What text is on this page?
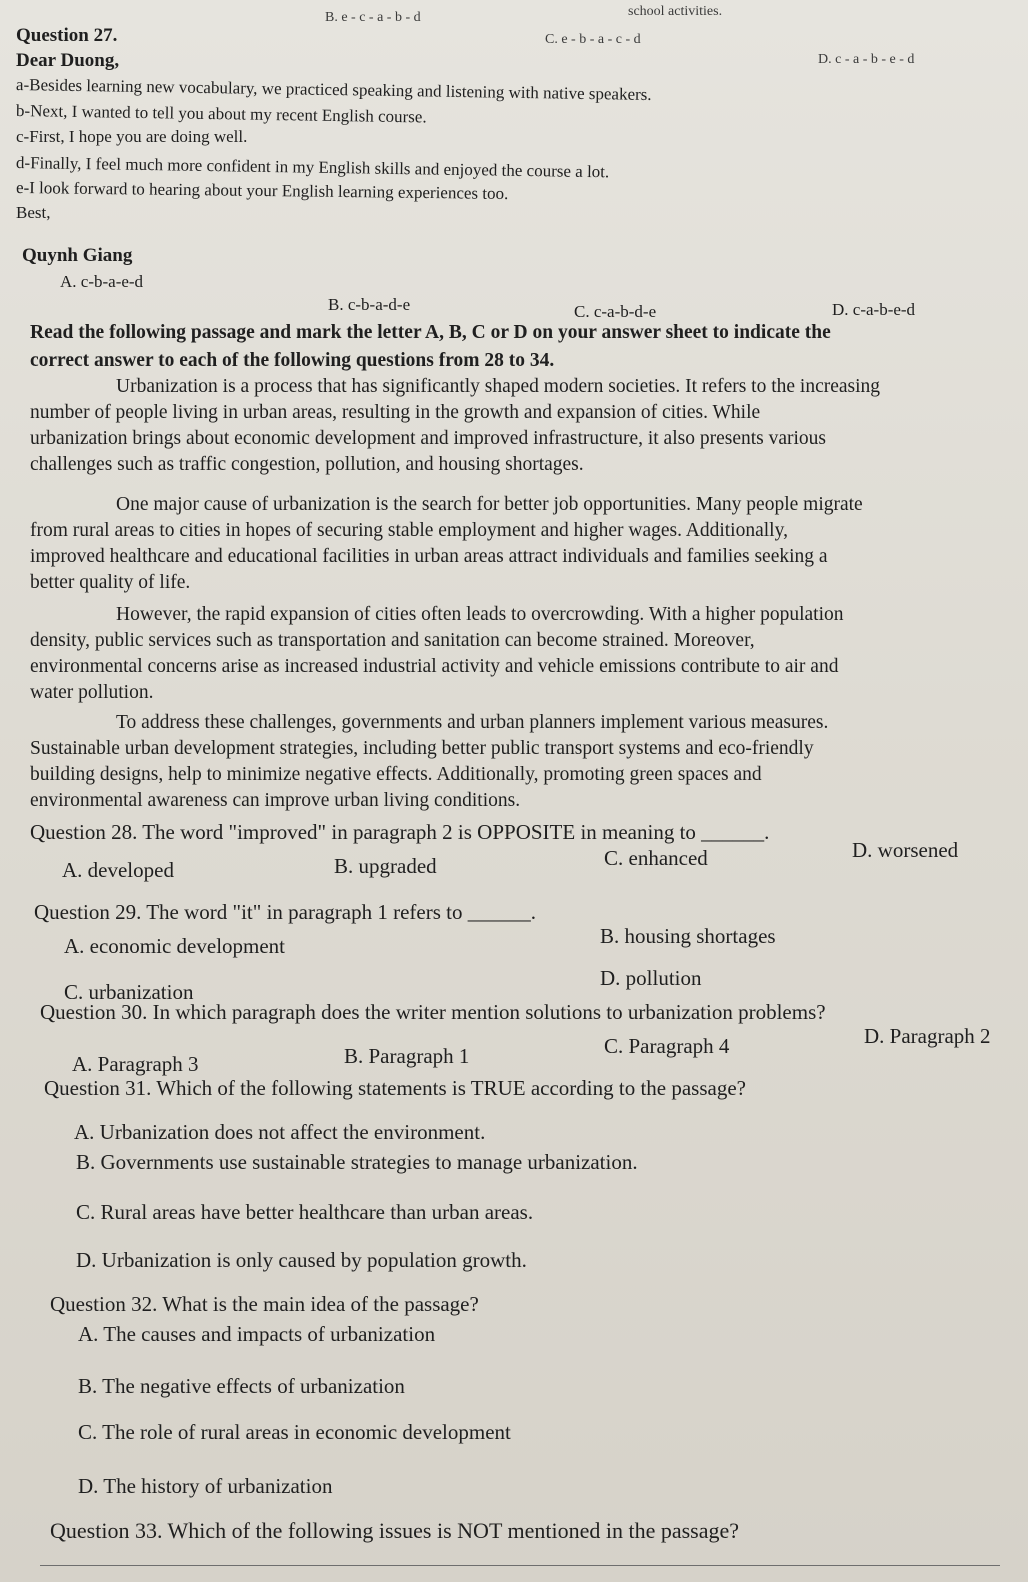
school activities.
B. e - c - a - b - d
C. e - b - a - c - d
D. c - a - b - e - d
Question 27.
Dear Duong,
a-Besides learning new vocabulary, we practiced speaking and listening with native speakers.
b-Next, I wanted to tell you about my recent English course.
c-First, I hope you are doing well.
d-Finally, I feel much more confident in my English skills and enjoyed the course a lot.
e-I look forward to hearing about your English learning experiences too.
Best,
Quynh Giang
A. c-b-a-e-d
B. c-b-a-d-e	C. c-a-b-d-e	D. c-a-b-e-d
Read the following passage and mark the letter A, B, C or D on your answer sheet to indicate the
correct answer to each of the following questions from 28 to 34.
Urbanization is a process that has significantly shaped modern societies. It refers to the increasing
number of people living in urban areas, resulting in the growth and expansion of cities. While
urbanization brings about economic development and improved infrastructure, it also presents various
challenges such as traffic congestion, pollution, and housing shortages.
One major cause of urbanization is the search for better job opportunities. Many people migrate
from rural areas to cities in hopes of securing stable employment and higher wages. Additionally,
improved healthcare and educational facilities in urban areas attract individuals and families seeking a
better quality of life.
However, the rapid expansion of cities often leads to overcrowding. With a higher population
density, public services such as transportation and sanitation can become strained. Moreover,
environmental concerns arise as increased industrial activity and vehicle emissions contribute to air and
water pollution.
To address these challenges, governments and urban planners implement various measures.
Sustainable urban development strategies, including better public transport systems and eco-friendly
building designs, help to minimize negative effects. Additionally, promoting green spaces and
environmental awareness can improve urban living conditions.
Question 28. The word "improved" in paragraph 2 is OPPOSITE in meaning to ______.
A. developed	B. upgraded	C. enhanced	D. worsened
Question 29. The word "it" in paragraph 1 refers to ______.
A. economic development	B. housing shortages
C. urbanization
D. pollution
Question 30. In which paragraph does the writer mention solutions to urbanization problems?
A. Paragraph 3	B. Paragraph 1	C. Paragraph 4	D. Paragraph 2
Question 31. Which of the following statements is TRUE according to the passage?
A. Urbanization does not affect the environment.
B. Governments use sustainable strategies to manage urbanization.
C. Rural areas have better healthcare than urban areas.
D. Urbanization is only caused by population growth.
Question 32. What is the main idea of the passage?
A. The causes and impacts of urbanization
B. The negative effects of urbanization
C. The role of rural areas in economic development
D. The history of urbanization
Question 33. Which of the following issues is NOT mentioned in the passage?
